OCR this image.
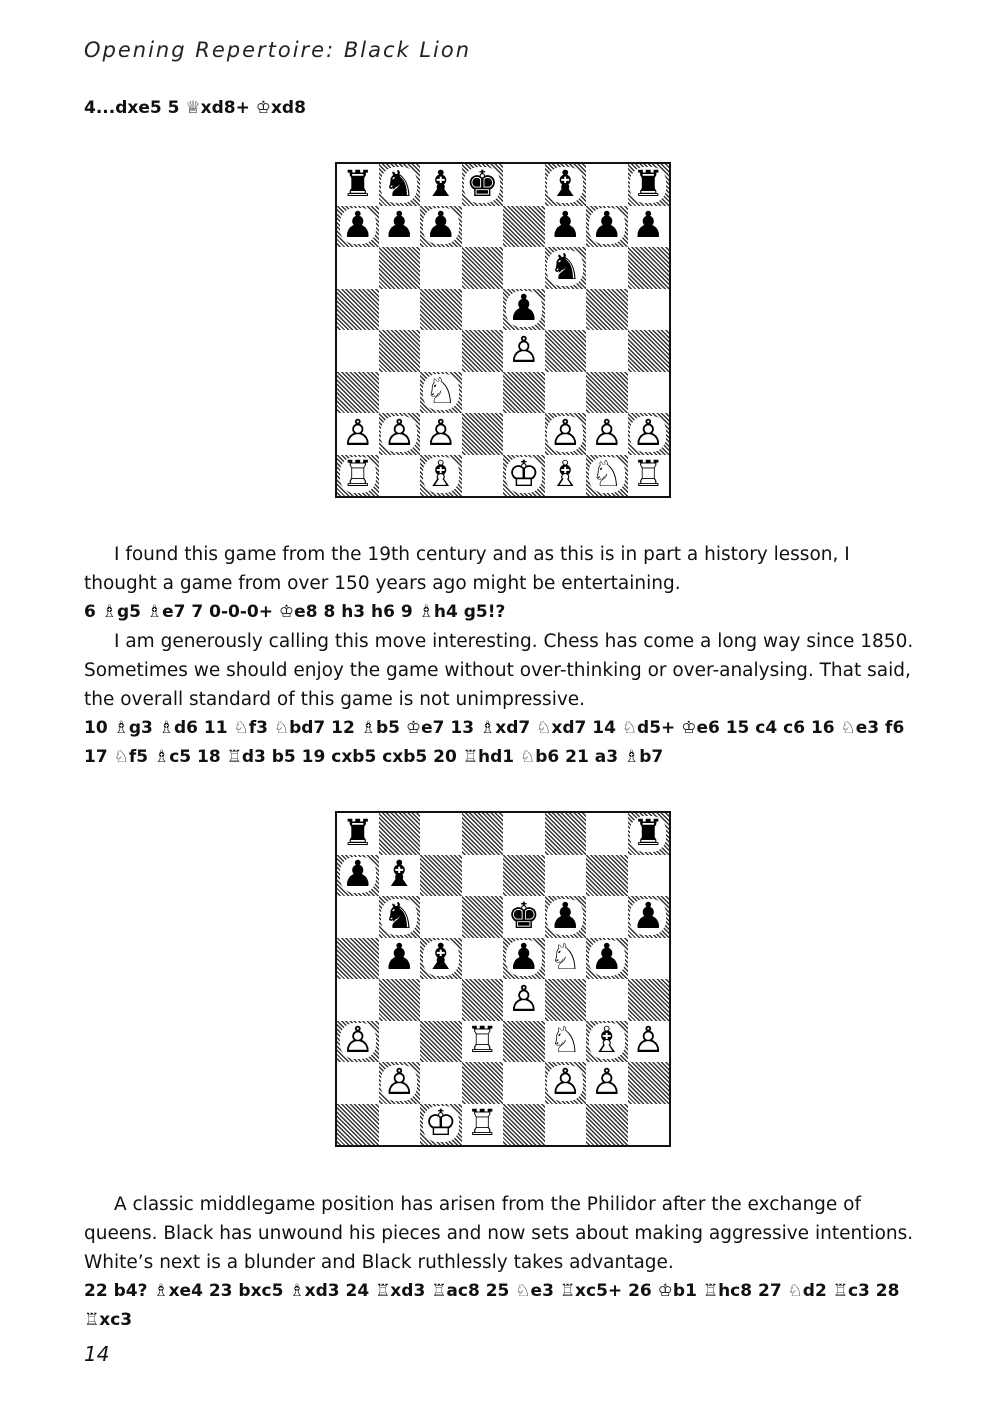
Opening Repertoire: Black Lion

4...dxe5 5 ♕xd8+ ♔xd8

♜ ♞ ♝ ♚ ♝ ♜
♟ ♟ ♟	♟ ♟ ♟
♞
♟
♙
♘
♙ ♙ ♙	♙ ♙ ♙
♖ ♗ ♔ ♗ ♘ ♖

I found this game from the 19th century and as this is in part a history lesson, I thought a game from over 150 years ago might be entertaining.

6 ♗g5 ♗e7 7 0-0-0+ ♔e8 8 h3 h6 9 ♗h4 g5!?

I am generously calling this move interesting. Chess has come a long way since 1850. Sometimes we should enjoy the game without over-thinking or over-analysing. That said, the overall standard of this game is not unimpressive.

10 ♗g3 ♗d6 11 ♘f3 ♘bd7 12 ♗b5 ♔e7 13 ♗xd7 ♘xd7 14 ♘d5+ ♔e6 15 c4 c6 16 ♘e3 f6 17 ♘f5 ♗c5 18 ♖d3 b5 19 cxb5 cxb5 20 ♖hd1 ♘b6 21 a3 ♗b7

♜	♜
♟ ♝
♞	♚ ♟ ♟
♟ ♝ ♟ ♘ ♟
♙
♙	♖ ♘ ♗ ♙
♙	♙ ♙
♔ ♖

A classic middlegame position has arisen from the Philidor after the exchange of queens. Black has unwound his pieces and now sets about making aggressive intentions. White’s next is a blunder and Black ruthlessly takes advantage.

22 b4? ♗xe4 23 bxc5 ♗xd3 24 ♖xd3 ♖ac8 25 ♘e3 ♖xc5+ 26 ♔b1 ♖hc8 27 ♘d2 ♖c3 28 ♖xc3

14
